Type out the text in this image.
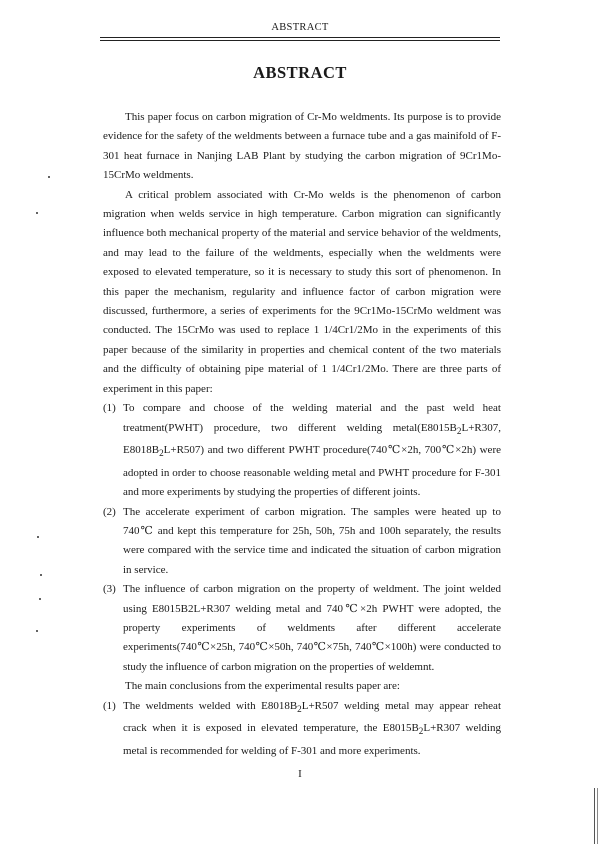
ABSTRACT
ABSTRACT

This paper focus on carbon migration of Cr-Mo weldments. Its purpose is to provide evidence for the safety of the weldments between a furnace tube and a gas mainifold of F-301 heat furnace in Nanjing LAB Plant by studying the carbon migration of 9Cr1Mo-15CrMo weldments.

A critical problem associated with Cr-Mo welds is the phenomenon of carbon migration when welds service in high temperature. Carbon migration can significantly influence both mechanical property of the material and service behavior of the weldments, and may lead to the failure of the weldments, especially when the weldments were exposed to elevated temperature, so it is necessary to study this sort of phenomenon. In this paper the mechanism, regularity and influence factor of carbon migration were discussed, furthermore, a series of experiments for the 9Cr1Mo-15CrMo weldment was conducted. The 15CrMo was used to replace 1 1/4Cr1/2Mo in the experiments of this paper because of the similarity in properties and chemical content of the two materials and the difficulty of obtaining pipe material of 1 1/4Cr1/2Mo. There are three parts of experiment in this paper:

(1) To compare and choose of the welding material and the past weld heat treatment(PWHT) procedure, two different welding $metal(E8015B_2L+R307$, $E8018B_2L+R507$) and two different PWHT procedure(740℃×2h, 700℃×2h) were adopted in order to choose reasonable welding metal and PWHT procedure for F-301 and more experiments by studying the properties of different joints.

(2) The accelerate experiment of carbon migration. The samples were heated up to 740℃ and kept this temperature for 25h, 50h, 75h and 100h separately, the results were compared with the service time and indicated the situation of carbon migration in service.

(3) The influence of carbon migration on the property of weldment. The joint welded using E8015B2L+R307 welding metal and 740℃×2h PWHT were adopted, the property experiments of weldments after different accelerate experiments(740℃×25h, 740℃×50h, 740℃×75h, 740℃×100h) were conducted to study the influence of carbon migration on the properties of weldemnt.

The main conclusions from the experimental results paper are:

(1) The weldments welded with $E8018B_2L+R507$ welding metal may appear reheat crack when it is exposed in elevated temperature, the $E8015B_2L+R307$ welding metal is recommended for welding of F-301 and more experiments.

I
